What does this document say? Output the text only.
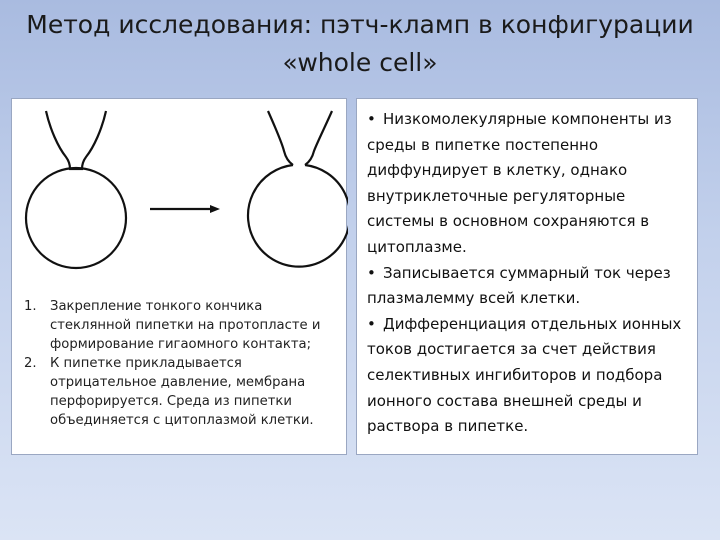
Метод исследования: пэтч-кламп в конфигурации
«whole cell»
1. Закрепление тонкого кончика стеклянной пипетки на протопласте и формирование гигаомного контакта;
2. К пипетке прикладывается отрицательное давление, мембрана перфорируется. Среда из пипетки объединяется с цитоплазмой клетки.
• Низкомолекулярные компоненты из среды в пипетке постепенно диффундирует в клетку, однако внутриклеточные регуляторные системы в основном сохраняются в цитоплазме.
• Записывается суммарный ток через плазмалемму всей клетки.
• Дифференциация отдельных ионных токов достигается за счет действия селективных ингибиторов и подбора ионного состава внешней среды и раствора в пипетке.
